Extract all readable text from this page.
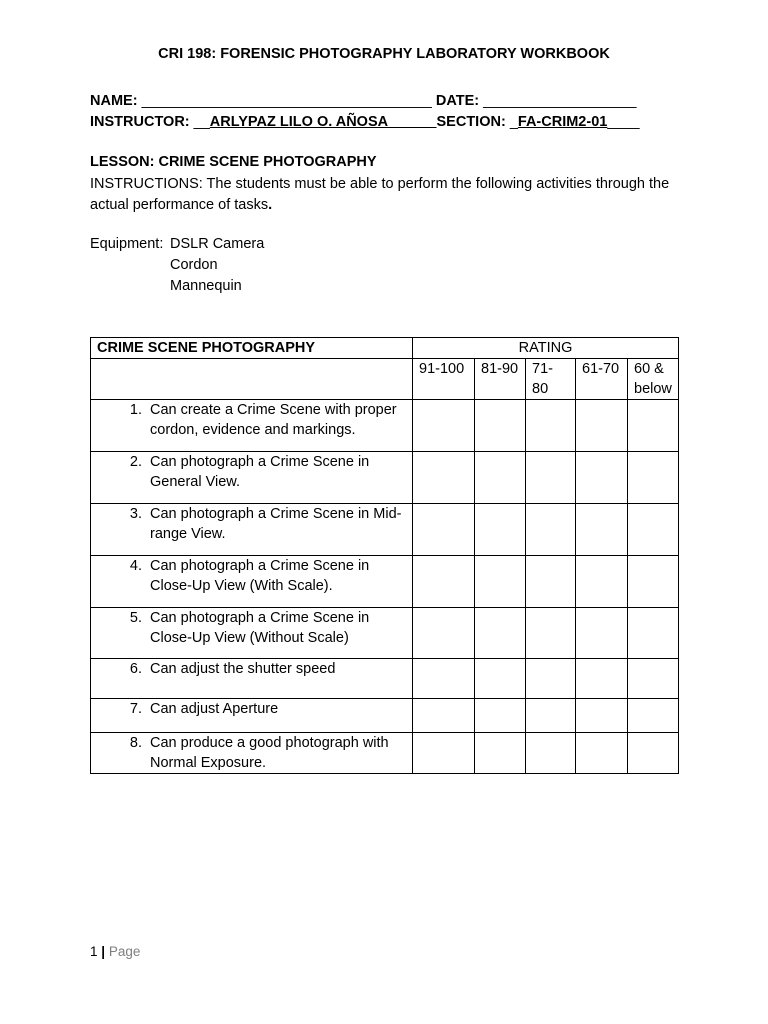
CRI 198: FORENSIC PHOTOGRAPHY LABORATORY WORKBOOK
NAME: ____________________________________ DATE: ___________________
INSTRUCTOR: __ARLYPAZ LILO O. AÑOSA______SECTION: _FA-CRIM2-01____
LESSON: CRIME SCENE PHOTOGRAPHY
INSTRUCTIONS: The students must be able to perform the following activities through the actual performance of tasks.
Equipment: DSLR Camera
Cordon
Mannequin
CRIME SCENE PHOTOGRAPHY	RATING				
	91-100	81-90	71-80	61-70	60 & below

1. Can create a Crime Scene with proper cordon, evidence and markings.					

2. Can photograph a Crime Scene in General View.					

3. Can photograph a Crime Scene in Mid-range View.					

4. Can photograph a Crime Scene in Close-Up View (With Scale).					

5. Can photograph a Crime Scene in Close-Up View (Without Scale)					

6. Can adjust the shutter speed					

7. Can adjust Aperture					

8. Can produce a good photograph with Normal Exposure.					

1 | Page
